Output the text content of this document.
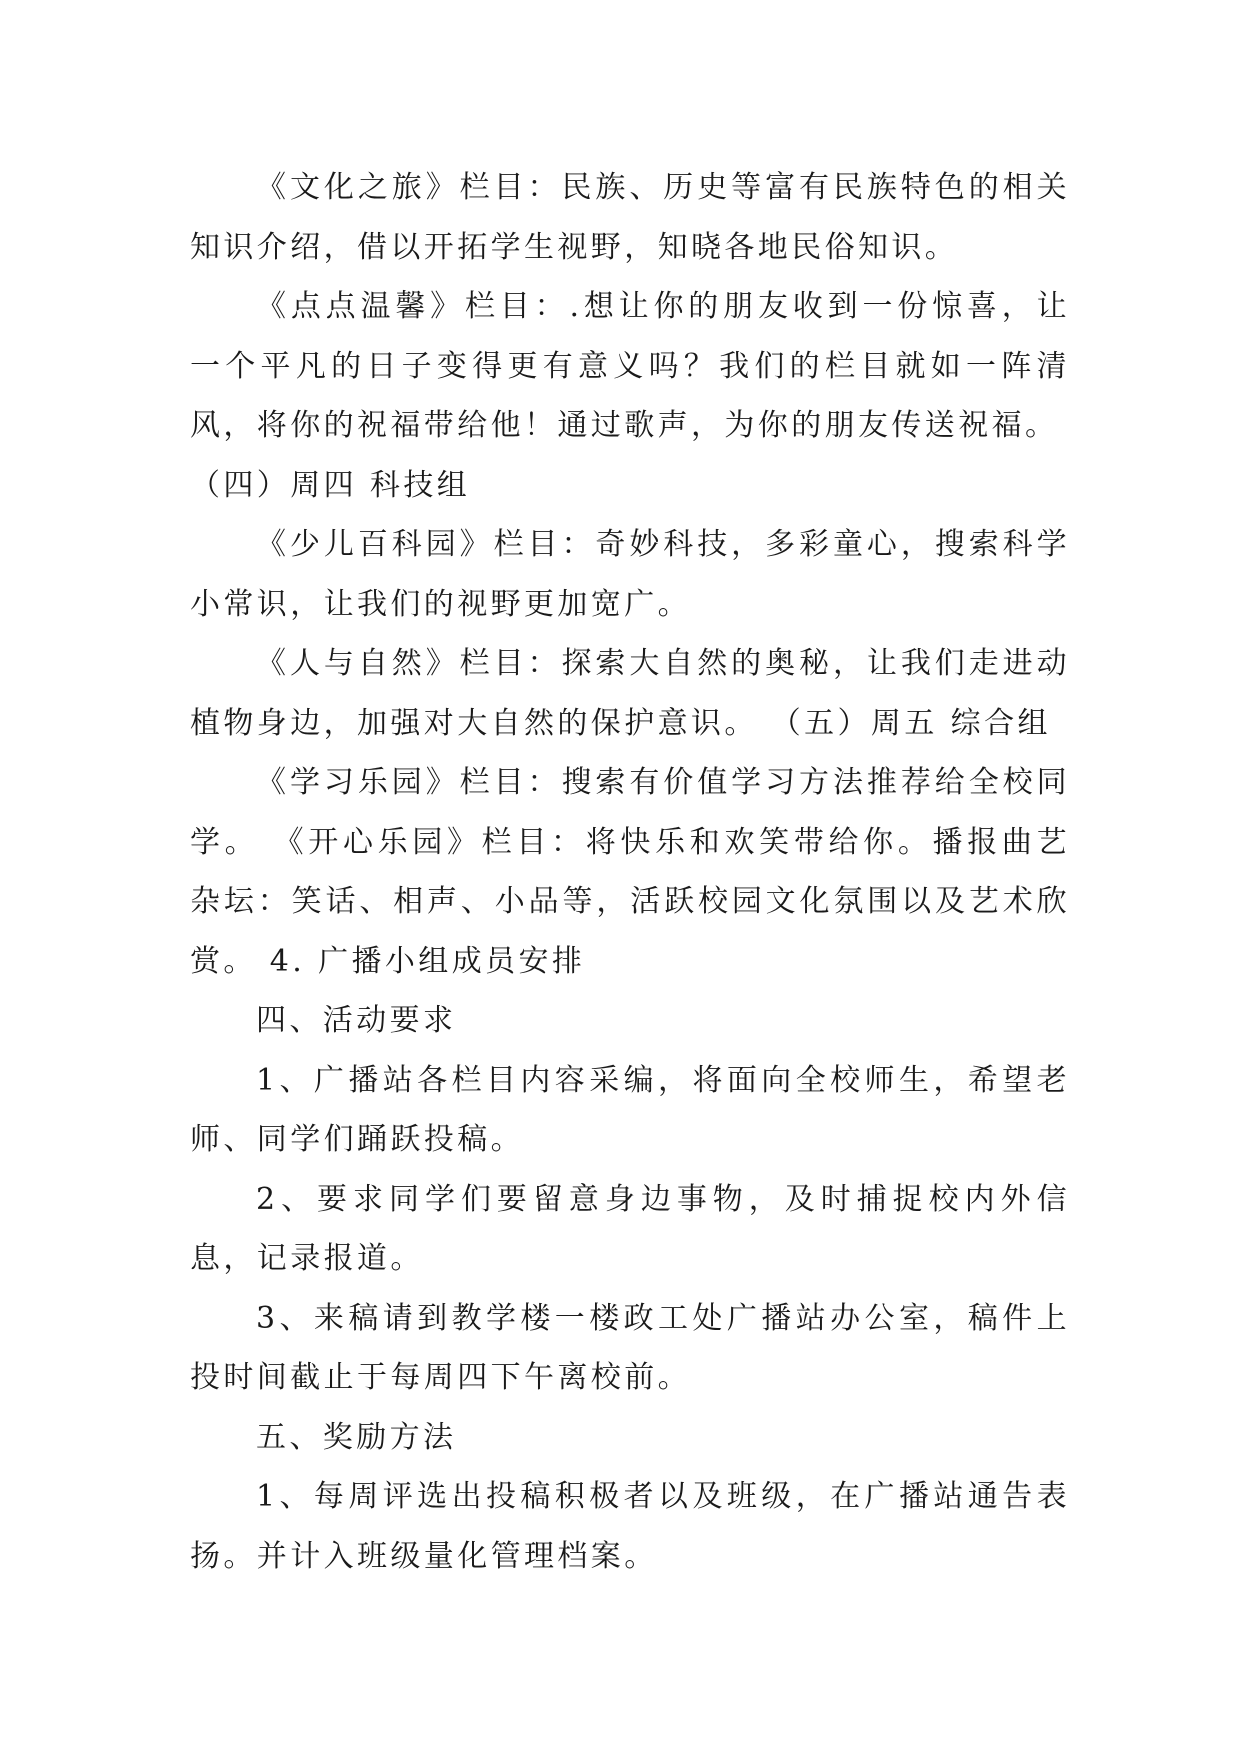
《文化之旅》栏目：民族、历史等富有民族特色的相关知识介绍，借以开拓学生视野，知晓各地民俗知识。

《点点温馨》栏目：.想让你的朋友收到一份惊喜，让一个平凡的日子变得更有意义吗？我们的栏目就如一阵清风，将你的祝福带给他！通过歌声，为你的朋友传送祝福。

（四）周四 科技组

《少儿百科园》栏目：奇妙科技，多彩童心，搜索科学小常识，让我们的视野更加宽广。

《人与自然》栏目：探索大自然的奥秘，让我们走进动植物身边，加强对大自然的保护意识。 （五）周五 综合组

《学习乐园》栏目：搜索有价值学习方法推荐给全校同学。 《开心乐园》栏目：将快乐和欢笑带给你。播报曲艺杂坛：笑话、相声、小品等，活跃校园文化氛围以及艺术欣赏。 4. 广播小组成员安排

四、活动要求

1、广播站各栏目内容采编，将面向全校师生，希望老师、同学们踊跃投稿。

2、要求同学们要留意身边事物，及时捕捉校内外信息，记录报道。

3、来稿请到教学楼一楼政工处广播站办公室，稿件上投时间截止于每周四下午离校前。

五、奖励方法

1、每周评选出投稿积极者以及班级，在广播站通告表扬。并计入班级量化管理档案。
